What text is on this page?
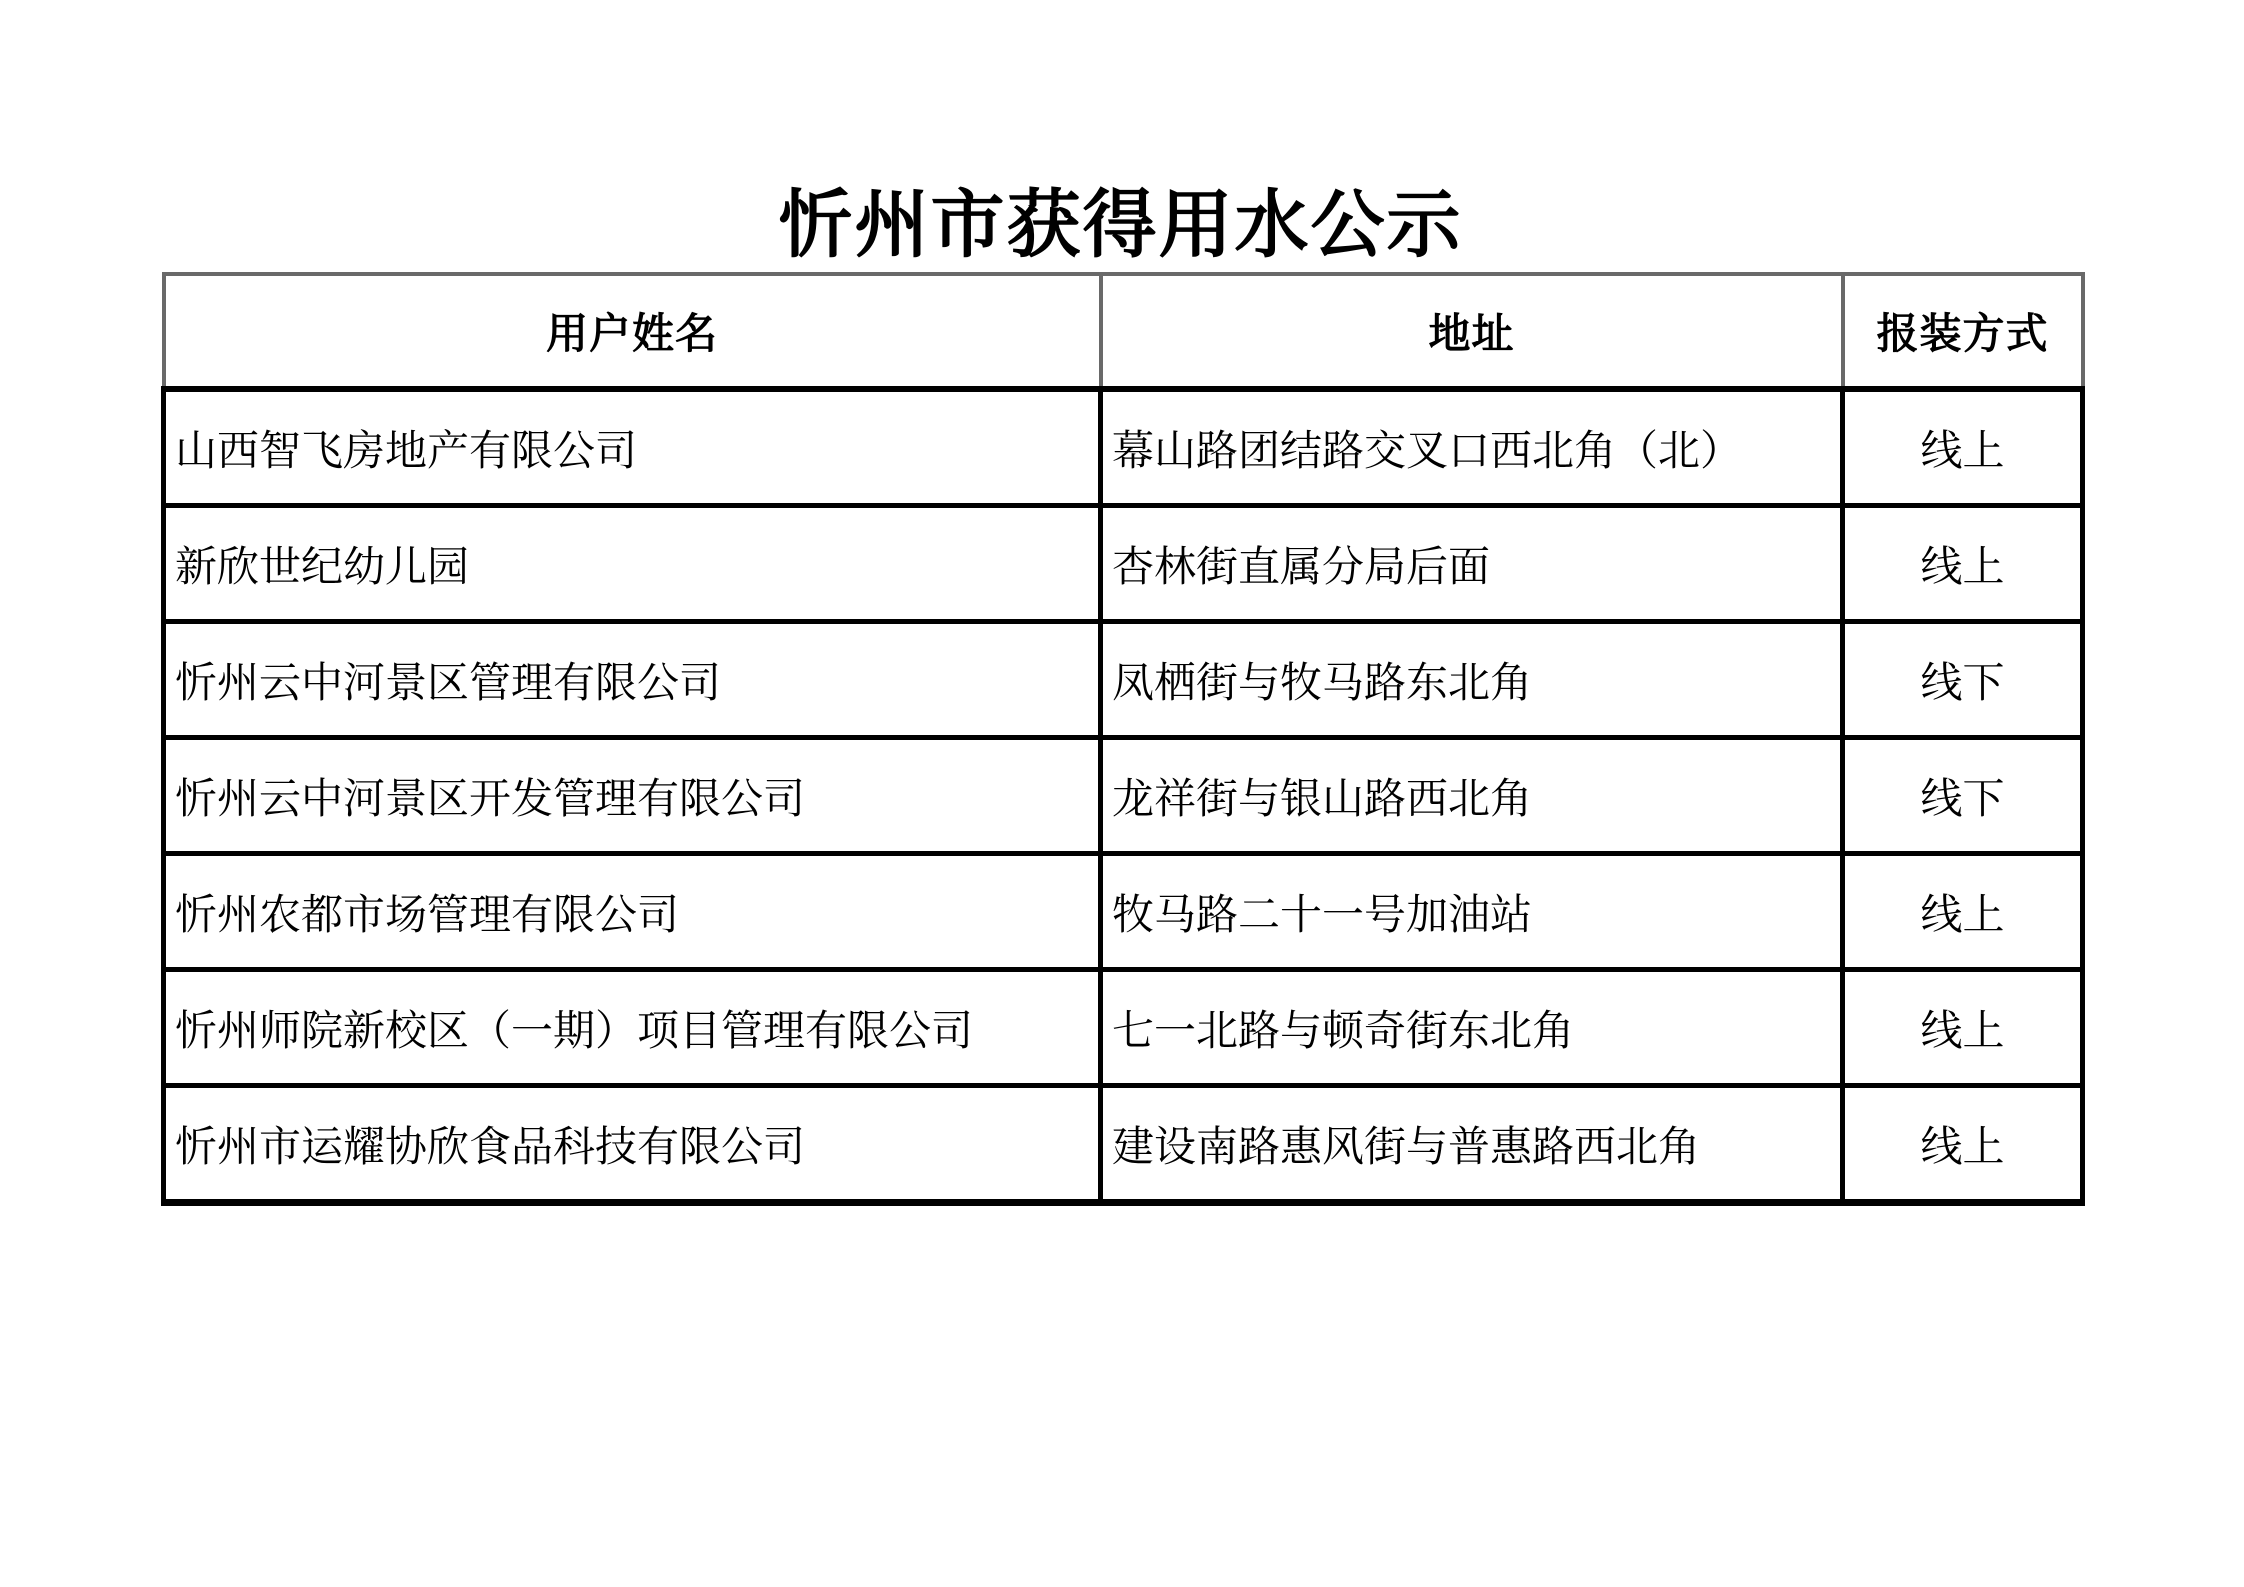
忻州市获得用水公示
用户姓名	地址	报装方式
山西智飞房地产有限公司	幕山路团结路交叉口西北角（北）	线上
新欣世纪幼儿园	杏林街直属分局后面	线上
忻州云中河景区管理有限公司	凤栖街与牧马路东北角	线下
忻州云中河景区开发管理有限公司	龙祥街与银山路西北角	线下
忻州农都市场管理有限公司	牧马路二十一号加油站	线上
忻州师院新校区（一期）项目管理有限公司	七一北路与顿奇街东北角	线上
忻州市运耀协欣食品科技有限公司	建设南路惠风街与普惠路西北角	线上
